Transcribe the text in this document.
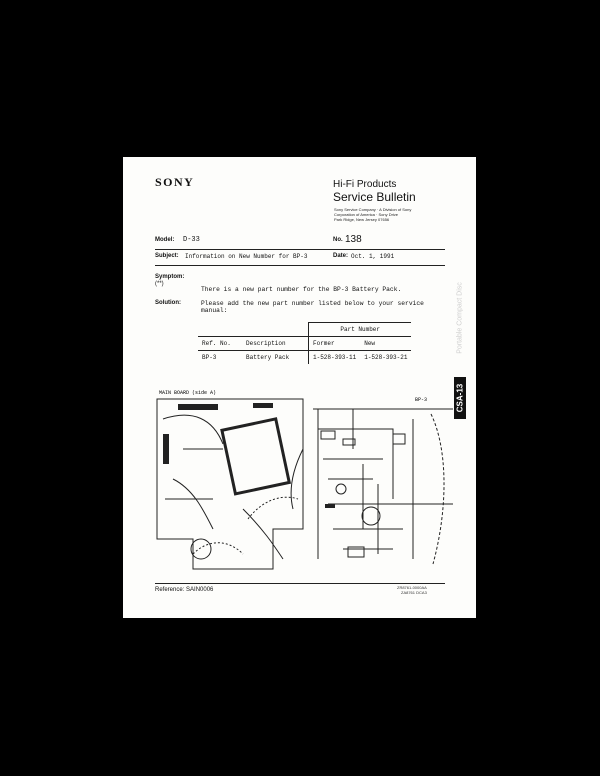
SONY	Hi-Fi Products
Service Bulletin
Sony Service Company · A Division of Sony
Corporation of America · Sony Drive
Park Ridge, New Jersey 07656
Model: D-33	No. 138
Subject: Information on New Number for BP-3	Date: Oct. 1, 1991
Symptom:
(**)
There is a new part number for the BP-3 Battery Pack.
Solution:	Please add the new part number listed below to your service
manual:
		Part Number	
Ref. No.	Description	Former	New
BP-3	Battery Pack	1-528-393-11	1-528-393-21
MAIN BOARD (side A)
BP-3
Reference: SAIN0006	ZR8761-0000AA
ZA8761 DCA3
Portable Compact Disc
CSA-13
